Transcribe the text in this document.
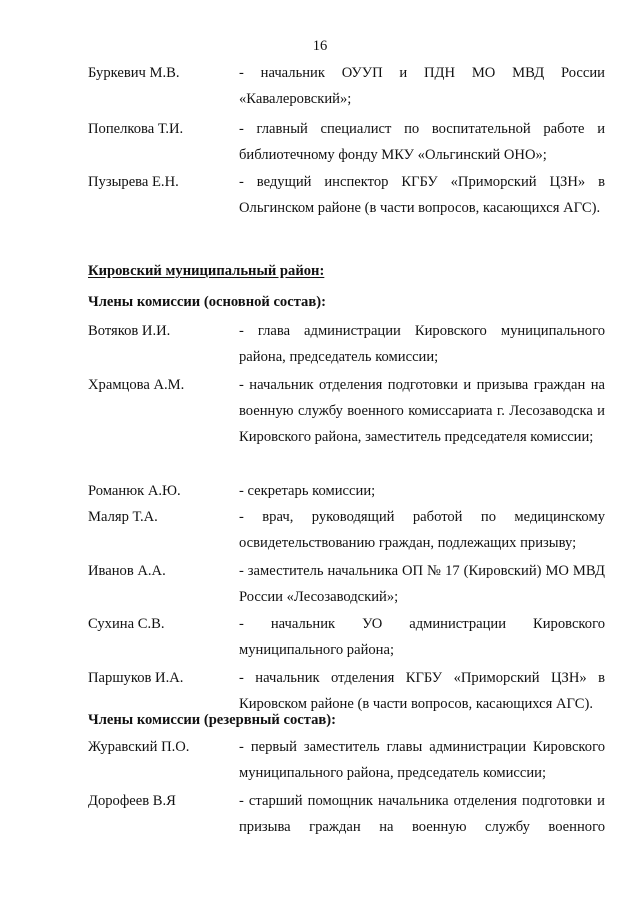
16
Буркевич М.В.	- начальник ОУУП и ПДН МО МВД России «Кавалеровский»;
Попелкова Т.И.	- главный специалист по воспитательной работе и библиотечному фонду МКУ «Ольгинский ОНО»;
Пузырева Е.Н.	- ведущий инспектор КГБУ «Приморский ЦЗН» в Ольгинском районе (в части вопросов, касающихся АГС).
Кировский муниципальный район:
Члены комиссии (основной состав):
Вотяков И.И.	- глава администрации Кировского муниципального района, председатель комиссии;
Храмцова А.М.	- начальник отделения подготовки и призыва граждан на военную службу военного комиссариата г. Лесозаводска и Кировского района, заместитель председателя комиссии;
Романюк А.Ю.	- секретарь комиссии;
Маляр Т.А.	- врач, руководящий работой по медицинскому освидетельствованию граждан, подлежащих призыву;
Иванов А.А.	- заместитель начальника ОП № 17 (Кировский) МО МВД России «Лесозаводский»;
Сухина С.В.	- начальник УО администрации Кировского муниципального района;
Паршуков И.А.	- начальник отделения КГБУ «Приморский ЦЗН» в Кировском районе (в части вопросов, касающихся АГС).
Члены комиссии (резервный состав):
Журавский П.О.	- первый заместитель главы администрации Кировского муниципального района, председатель комиссии;
Дорофеев В.Я	- старший помощник начальника отделения подготовки и призыва граждан на военную службу военного
